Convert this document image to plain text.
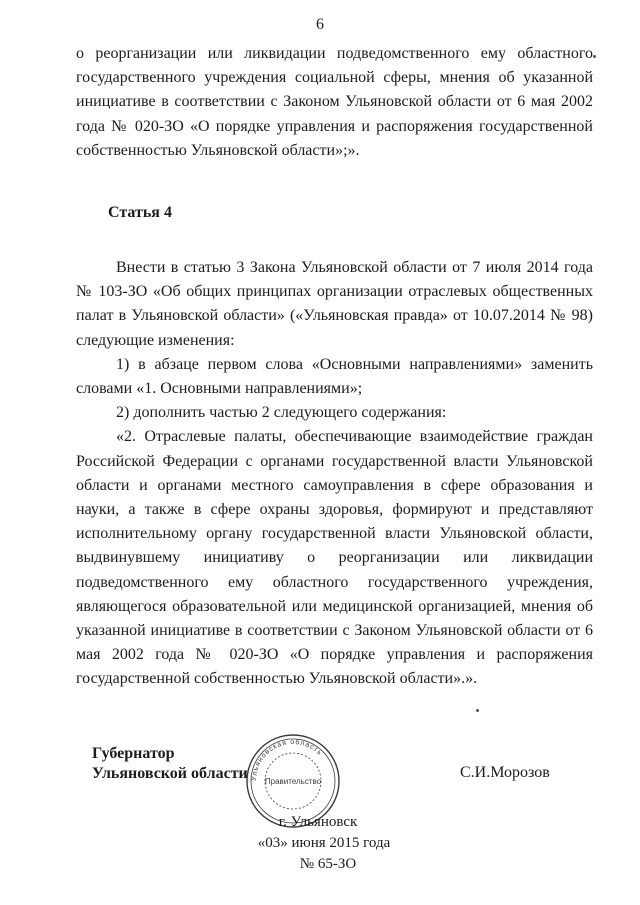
6

о реорганизации или ликвидации подведомственного ему областного государственного учреждения социальной сферы, мнения об указанной инициативе в соответствии с Законом Ульяновской области от 6 мая 2002 года № 020-ЗО «О порядке управления и распоряжения государственной собственностью Ульяновской области»;».

Статья 4

Внести в статью 3 Закона Ульяновской области от 7 июля 2014 года № 103-ЗО «Об общих принципах организации отраслевых общественных палат в Ульяновской области» («Ульяновская правда» от 10.07.2014 № 98) следующие изменения:

1) в абзаце первом слова «Основными направлениями» заменить словами «1. Основными направлениями»;

2) дополнить частью 2 следующего содержания:

«2. Отраслевые палаты, обеспечивающие взаимодействие граждан Российской Федерации с органами государственной власти Ульяновской области и органами местного самоуправления в сфере образования и науки, а также в сфере охраны здоровья, формируют и представляют исполнительному органу государственной власти Ульяновской области, выдвинувшему инициативу о реорганизации или ликвидации подведомственного ему областного государственного учреждения, являющегося образовательной или медицинской организацией, мнения об указанной инициативе в соответствии с Законом Ульяновской области от 6 мая 2002 года № 020-ЗО «О порядке управления и распоряжения государственной собственностью Ульяновской области».».

Губернатор
Ульяновской области Ульяновская область
Правительство
С.И.Морозов
г. Ульяновск
«03» июня 2015 года
№ 65-ЗО
